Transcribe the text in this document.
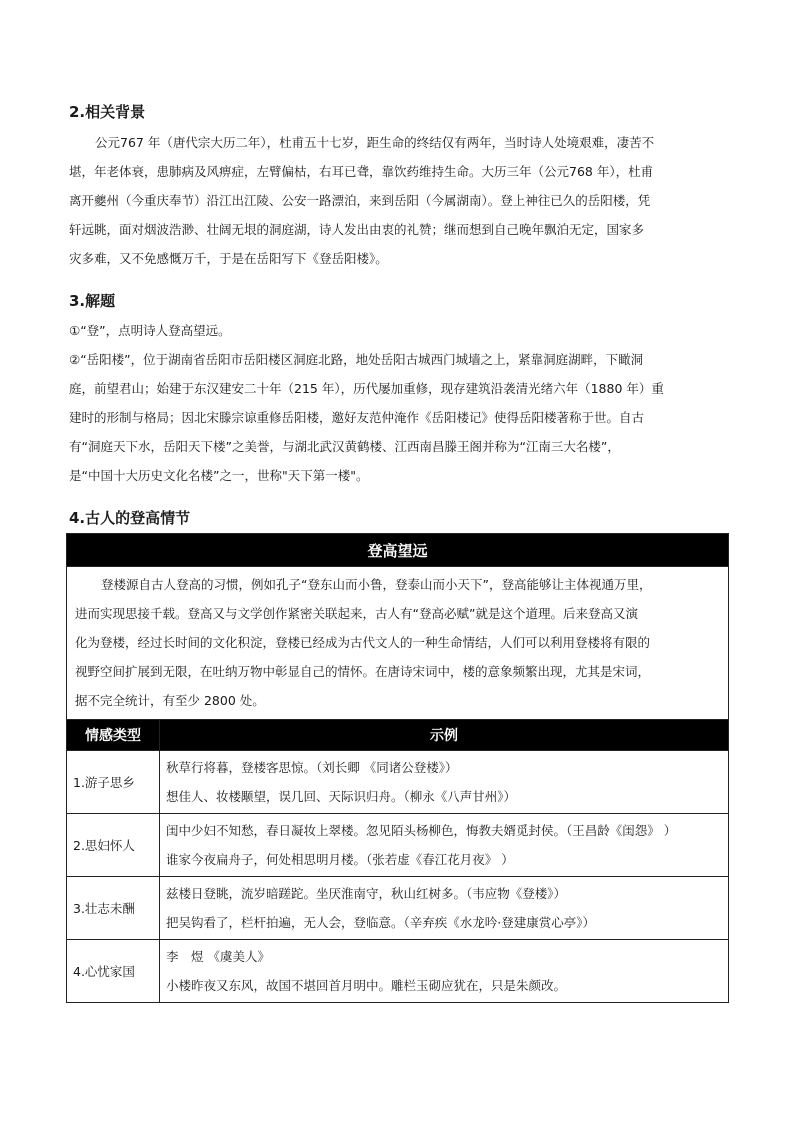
2.相关背景
公元767 年（唐代宗大历二年），杜甫五十七岁，距生命的终结仅有两年，当时诗人处境艰难，凄苦不
堪，年老体衰，患肺病及风痹症，左臂偏枯，右耳已聋，靠饮药维持生命。大历三年（公元768 年），杜甫
离开夔州（今重庆奉节）沿江出江陵、公安一路漂泊，来到岳阳（今属湖南）。登上神往已久的岳阳楼，凭
轩远眺，面对烟波浩渺、壮阔无垠的洞庭湖，诗人发出由衷的礼赞；继而想到自己晚年飘泊无定，国家多
灾多难，又不免感慨万千，于是在岳阳写下《登岳阳楼》。
3.解题
①“登”，点明诗人登高望远。
②“岳阳楼”，位于湖南省岳阳市岳阳楼区洞庭北路，地处岳阳古城西门城墙之上，紧靠洞庭湖畔，下瞰洞
庭，前望君山；始建于东汉建安二十年（215 年），历代屡加重修，现存建筑沿袭清光绪六年（1880 年）重
建时的形制与格局；因北宋滕宗谅重修岳阳楼，邀好友范仲淹作《岳阳楼记》使得岳阳楼著称于世。自古
有“洞庭天下水，岳阳天下楼”之美誉，与湖北武汉黄鹤楼、江西南昌滕王阁并称为“江南三大名楼”，
是“中国十大历史文化名楼”之一，世称"天下第一楼"。
4.古人的登高情节
登高望远	

登楼源自古人登高的习惯，例如孔子“登东山而小鲁，登泰山而小天下”，登高能够让主体视通万里，
进而实现思接千载。登高又与文学创作紧密关联起来，古人有“登高必赋”就是这个道理。后来登高又演
化为登楼，经过长时间的文化积淀，登楼已经成为古代文人的一种生命情结，人们可以利用登楼将有限的
视野空间扩展到无限，在吐纳万物中彰显自己的情怀。在唐诗宋词中，楼的意象频繁出现，尤其是宋词，
据不完全统计，有至少 2800 处。	

情感类型	示例
1.游子思乡	秋草行将暮，登楼客思惊。（刘长卿 《同诸公登楼》）
想佳人、妆楼颙望，误几回、天际识归舟。（柳永《八声甘州》）

2.思妇怀人	闺中少妇不知愁，春日凝妆上翠楼。忽见陌头杨柳色，悔教夫婿觅封侯。（王昌龄《闺怨》 ）
谁家今夜扁舟子，何处相思明月楼。（张若虚《春江花月夜》 ）

3.壮志未酬	兹楼日登眺，流岁暗蹉跎。坐厌淮南守，秋山红树多。（韦应物《登楼》）
把吴钩看了，栏杆拍遍，无人会，登临意。（辛弃疾《水龙吟·登建康赏心亭》）

4.心忧家国	李　煜 《虞美人》
小楼昨夜又东风，故国不堪回首月明中。雕栏玉砌应犹在，只是朱颜改。
